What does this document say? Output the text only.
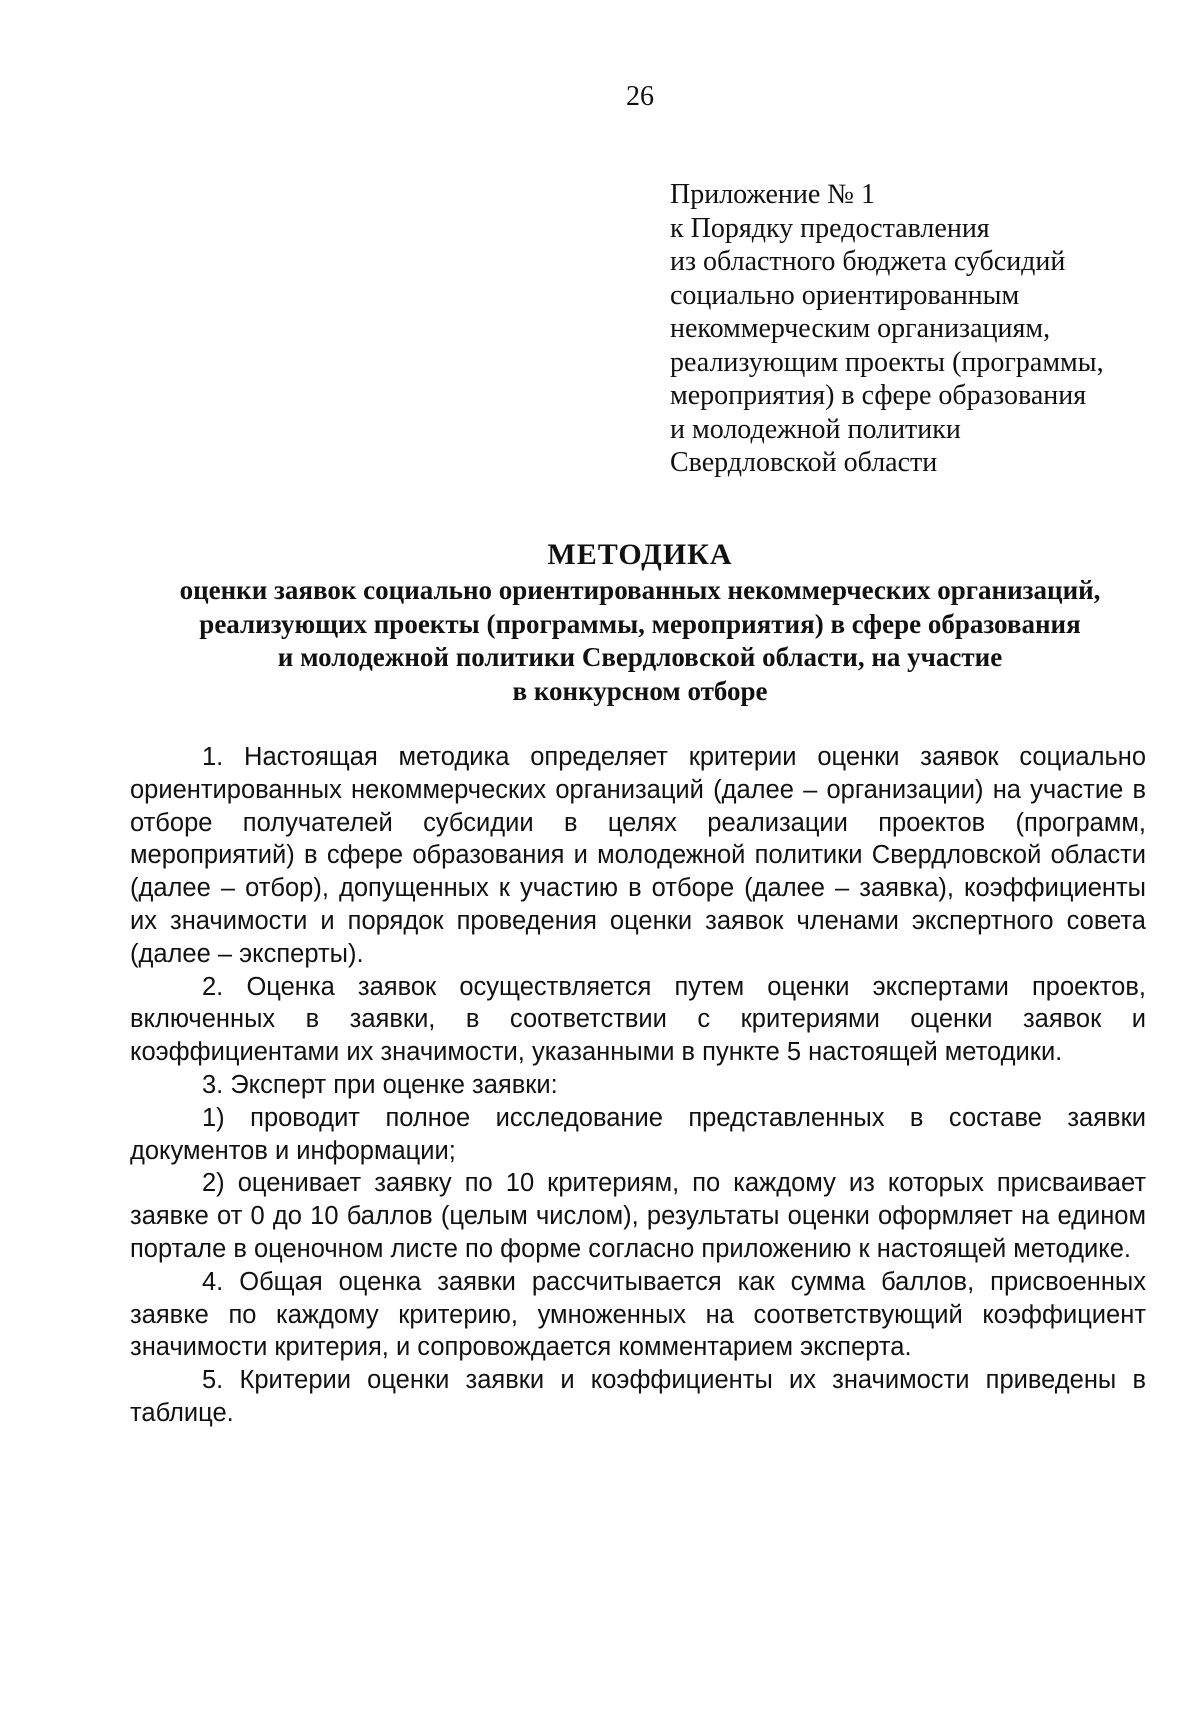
26
Приложение № 1
к Порядку предоставления
из областного бюджета субсидий
социально ориентированным
некоммерческим организациям,
реализующим проекты (программы,
мероприятия) в сфере образования
и молодежной политики
Свердловской области
МЕТОДИКА
оценки заявок социально ориентированных некоммерческих организаций,
реализующих проекты (программы, мероприятия) в сфере образования
и молодежной политики Свердловской области, на участие
в конкурсном отборе

1. Настоящая методика определяет критерии оценки заявок социально ориентированных некоммерческих организаций (далее – организации) на участие в отборе получателей субсидии в целях реализации проектов (программ, мероприятий) в сфере образования и молодежной политики Свердловской области (далее – отбор), допущенных к участию в отборе (далее – заявка), коэффициенты их значимости и порядок проведения оценки заявок членами экспертного совета (далее – эксперты).

2. Оценка заявок осуществляется путем оценки экспертами проектов, включенных в заявки, в соответствии с критериями оценки заявок и коэффициентами их значимости, указанными в пункте 5 настоящей методики.

3. Эксперт при оценке заявки:

1) проводит полное исследование представленных в составе заявки документов и информации;

2) оценивает заявку по 10 критериям, по каждому из которых присваивает заявке от 0 до 10 баллов (целым числом), результаты оценки оформляет на едином портале в оценочном листе по форме согласно приложению к настоящей методике.

4. Общая оценка заявки рассчитывается как сумма баллов, присвоенных заявке по каждому критерию, умноженных на соответствующий коэффициент значимости критерия, и сопровождается комментарием эксперта.

5. Критерии оценки заявки и коэффициенты их значимости приведены в таблице.
